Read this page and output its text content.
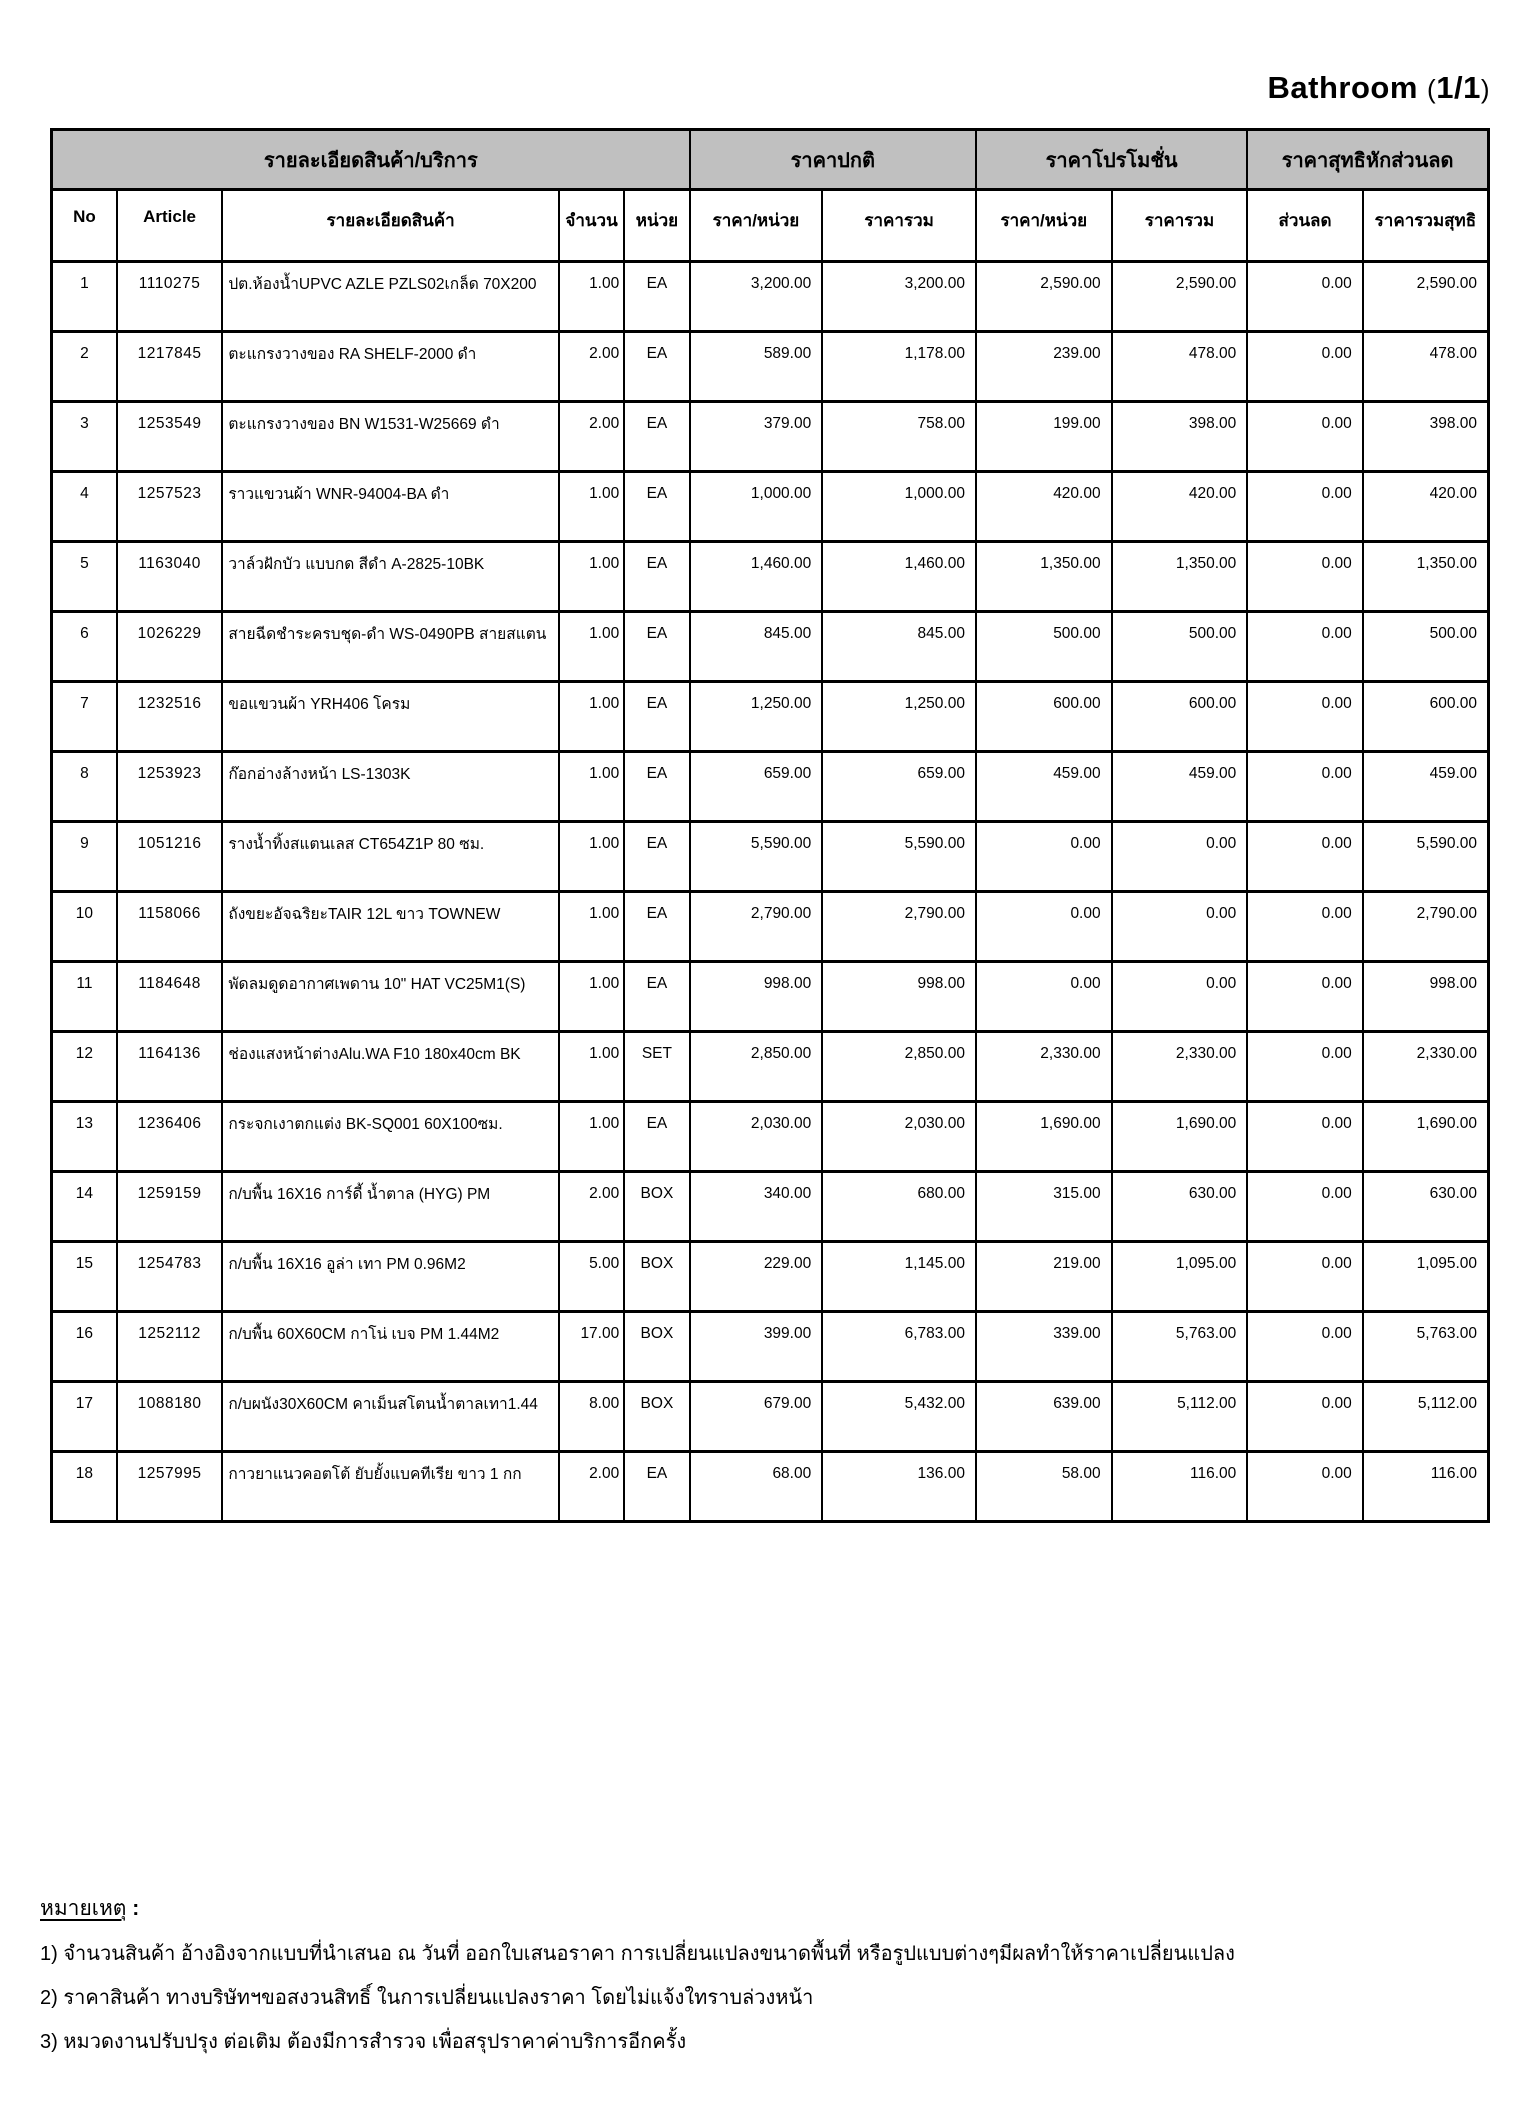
Bathroom (1/1)
รายละเอียดสินค้า/บริการ					ราคาปกติ		ราคาโปรโมชั่น		ราคาสุทธิหักส่วนลด	
No	Article	รายละเอียดสินค้า	จำนวน	หน่วย	ราคา/หน่วย	ราคารวม	ราคา/หน่วย	ราคารวม	ส่วนลด	ราคารวมสุทธิ
1	1110275	ปต.ห้องน้ำUPVC AZLE PZLS02เกล็ด 70X200	1.00	EA	3,200.00	3,200.00	2,590.00	2,590.00	0.00	2,590.00
2	1217845	ตะแกรงวางของ RA SHELF-2000 ดำ	2.00	EA	589.00	1,178.00	239.00	478.00	0.00	478.00
3	1253549	ตะแกรงวางของ BN W1531-W25669 ดำ	2.00	EA	379.00	758.00	199.00	398.00	0.00	398.00
4	1257523	ราวแขวนผ้า WNR-94004-BA ดำ	1.00	EA	1,000.00	1,000.00	420.00	420.00	0.00	420.00
5	1163040	วาล์วฝักบัว แบบกด สีดำ A-2825-10BK	1.00	EA	1,460.00	1,460.00	1,350.00	1,350.00	0.00	1,350.00
6	1026229	สายฉีดชำระครบชุด-ดำ WS-0490PB สายสแตน	1.00	EA	845.00	845.00	500.00	500.00	0.00	500.00
7	1232516	ขอแขวนผ้า YRH406 โครม	1.00	EA	1,250.00	1,250.00	600.00	600.00	0.00	600.00
8	1253923	ก๊อกอ่างล้างหน้า LS-1303K	1.00	EA	659.00	659.00	459.00	459.00	0.00	459.00
9	1051216	รางน้ำทิ้งสแตนเลส CT654Z1P 80 ซม.	1.00	EA	5,590.00	5,590.00	0.00	0.00	0.00	5,590.00
10	1158066	ถังขยะอัจฉริยะTAIR 12L ขาว TOWNEW	1.00	EA	2,790.00	2,790.00	0.00	0.00	0.00	2,790.00
11	1184648	พัดลมดูดอากาศเพดาน 10" HAT VC25M1(S)	1.00	EA	998.00	998.00	0.00	0.00	0.00	998.00
12	1164136	ช่องแสงหน้าต่างAlu.WA F10 180x40cm BK	1.00	SET	2,850.00	2,850.00	2,330.00	2,330.00	0.00	2,330.00
13	1236406	กระจกเงาตกแต่ง BK-SQ001 60X100ซม.	1.00	EA	2,030.00	2,030.00	1,690.00	1,690.00	0.00	1,690.00
14	1259159	ก/บพื้น 16X16 การ์ดี้ น้ำตาล (HYG) PM	2.00	BOX	340.00	680.00	315.00	630.00	0.00	630.00
15	1254783	ก/บพื้น 16X16 อูล่า เทา PM 0.96M2	5.00	BOX	229.00	1,145.00	219.00	1,095.00	0.00	1,095.00
16	1252112	ก/บพื้น 60X60CM กาโน่ เบจ PM 1.44M2	17.00	BOX	399.00	6,783.00	339.00	5,763.00	0.00	5,763.00
17	1088180	ก/บผนัง30X60CM คาเม็นสโตนน้ำตาลเทา1.44	8.00	BOX	679.00	5,432.00	639.00	5,112.00	0.00	5,112.00
18	1257995	กาวยาแนวคอตโต้ ยับยั้งแบคทีเรีย ขาว 1 กก	2.00	EA	68.00	136.00	58.00	116.00	0.00	116.00
หมายเหตุ :
1) จำนวนสินค้า อ้างอิงจากแบบที่นำเสนอ ณ วันที่ ออกใบเสนอราคา การเปลี่ยนแปลงขนาดพื้นที่ หรือรูปแบบต่างๆมีผลทำให้ราคาเปลี่ยนแปลง
2) ราคาสินค้า ทางบริษัทฯขอสงวนสิทธิ์ ในการเปลี่ยนแปลงราคา โดยไม่แจ้งใทราบล่วงหน้า
3) หมวดงานปรับปรุง ต่อเติม ต้องมีการสำรวจ เพื่อสรุปราคาค่าบริการอีกครั้ง
